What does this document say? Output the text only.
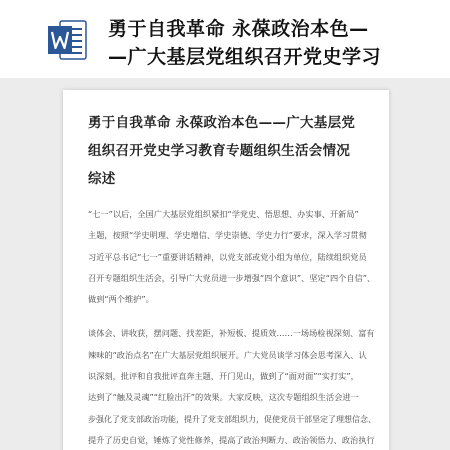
勇于自我革命 永葆政治本色—
—广大基层党组织召开党史学习
勇于自我革命 永葆政治本色——广大基层党
组织召开党史学习教育专题组织生活会情况
综述
“七一”以后，全国广大基层党组织紧扣“学党史、悟思想、办实事、开新局”
主题，按照“学史明理、学史增信、学史崇德、学史力行”要求，深入学习贯彻
习近平总书记“七一”重要讲话精神，以党支部或党小组为单位，陆续组织党员
召开专题组织生活会，引导广大党员进一步增强“四个意识”、坚定“四个自信”、
做到“两个维护”。
谈体会、讲收获，摆问题、找差距，补短板、提质效……一场场检视深刻、富有
辣味的“政治点名”在广大基层党组织展开。广大党员谈学习体会思考深入、认
识深刻，批评和自我批评直奔主题、开门见山，做到了“面对面”“实打实”，
达到了“触及灵魂”“红脸出汗”的效果。大家反映，这次专题组织生活会进一
步强化了党支部政治功能，提升了党支部组织力，促使党员干部坚定了理想信念、
提升了历史自觉，锤炼了党性修养，提高了政治判断力、政治领悟力、政治执行
